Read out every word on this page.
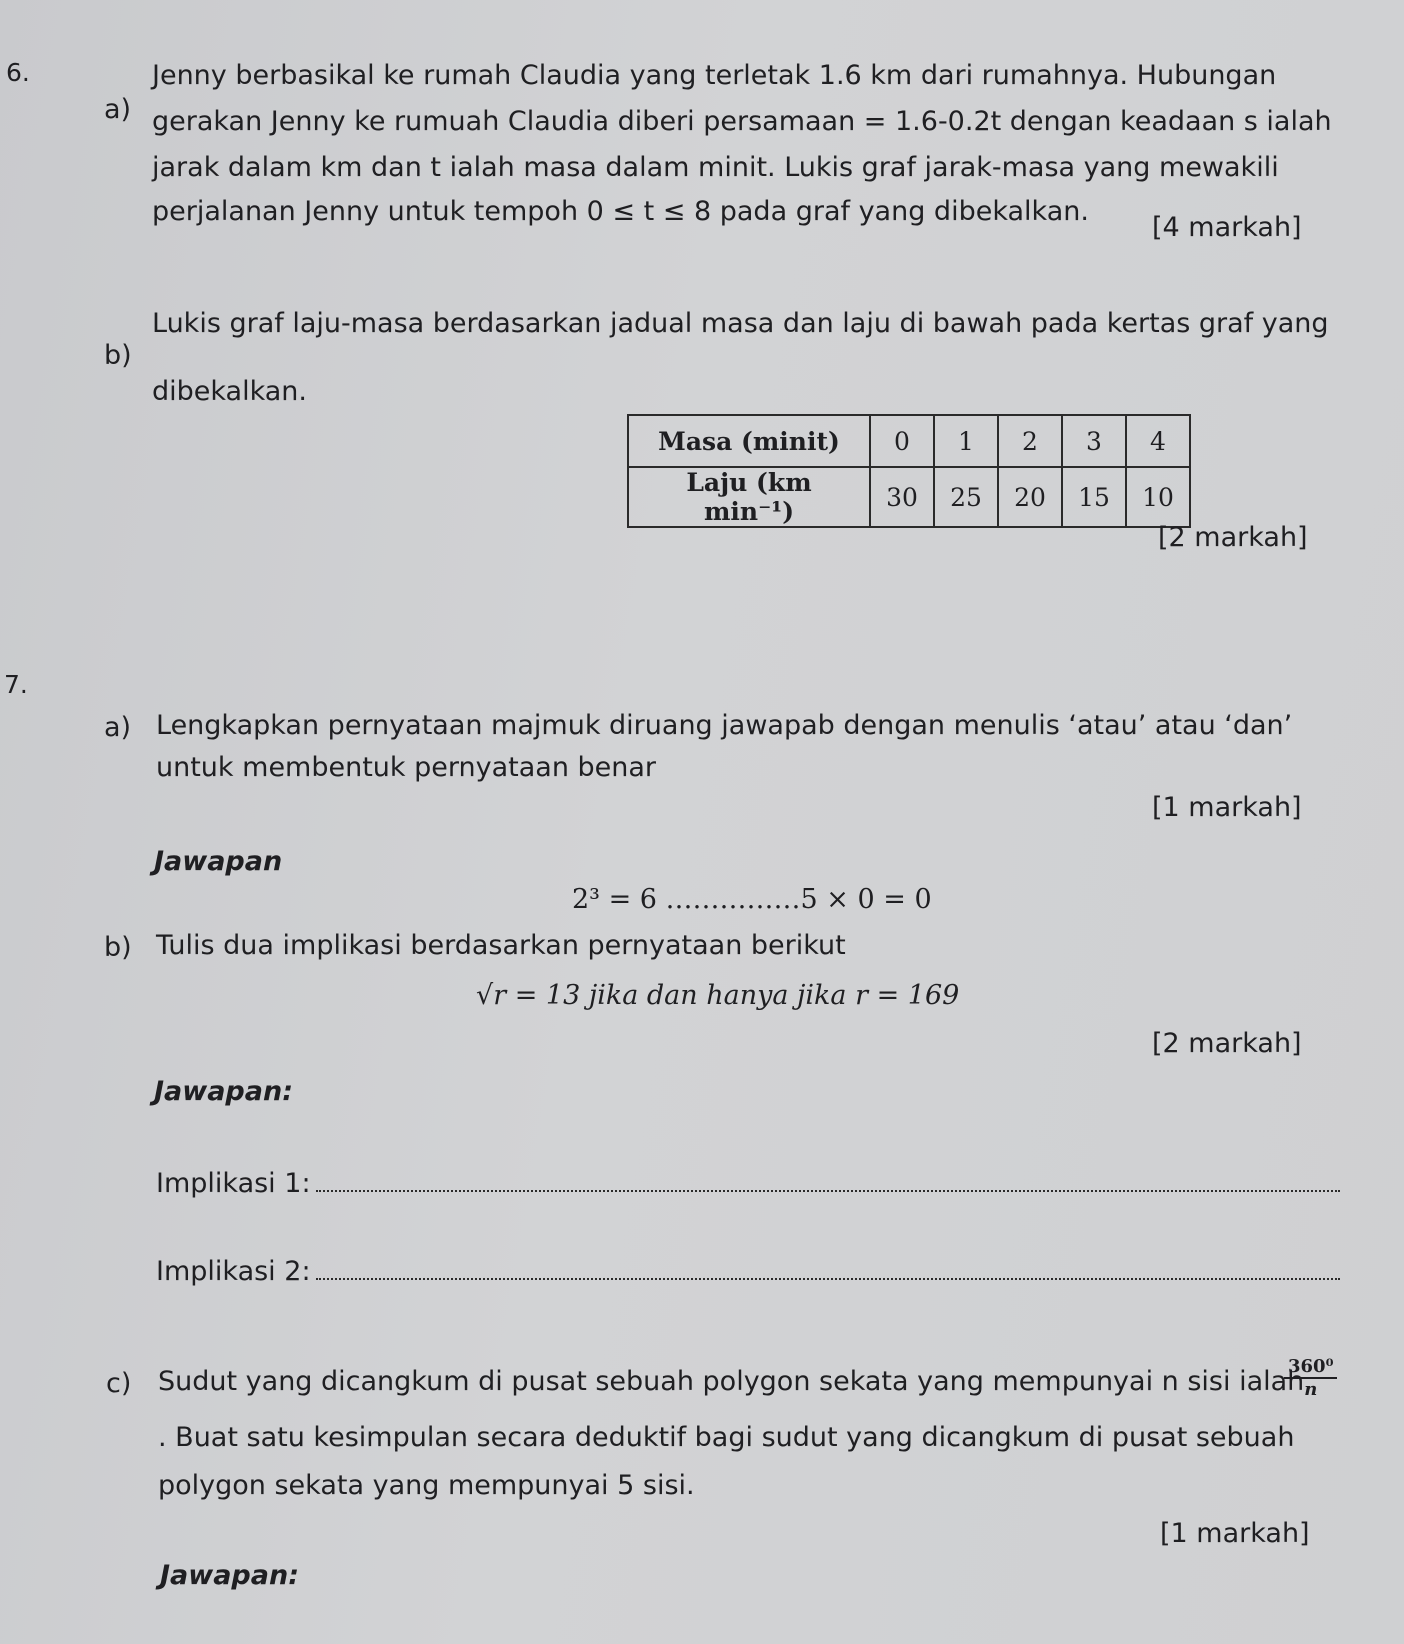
6.
a)
Jenny berbasikal ke rumah Claudia yang terletak 1.6 km dari rumahnya. Hubungan
gerakan Jenny ke rumuah Claudia diberi persamaan = 1.6-0.2t dengan keadaan s ialah
jarak dalam km dan t ialah masa dalam minit. Lukis graf jarak-masa yang mewakili
perjalanan Jenny untuk tempoh 0 ≤ t ≤ 8 pada graf yang dibekalkan.
[4 markah]
b)
Lukis graf laju-masa berdasarkan jadual masa dan laju di bawah pada kertas graf yang
dibekalkan.
Masa (minit)	0	1	2	3	4
Laju (km min⁻¹)	30	25	20	15	10
[2 markah]
7.
a) Lengkapkan pernyataan majmuk diruang jawapab dengan menulis ‘atau’ atau ‘dan’
untuk membentuk pernyataan benar
[1 markah]
Jawapan
2³ = 6 ……………5 × 0 = 0
b) Tulis dua implikasi berdasarkan pernyataan berikut
√r = 13 jika dan hanya jika r = 169
[2 markah]
Jawapan:
Implikasi 1:
Implikasi 2:
c) Sudut yang dicangkum di pusat sebuah polygon sekata yang mempunyai n sisi ialah
$\frac{\text{360⁰}}{n}$
. Buat satu kesimpulan secara deduktif bagi sudut yang dicangkum di pusat sebuah
polygon sekata yang mempunyai 5 sisi.
[1 markah]
Jawapan:
